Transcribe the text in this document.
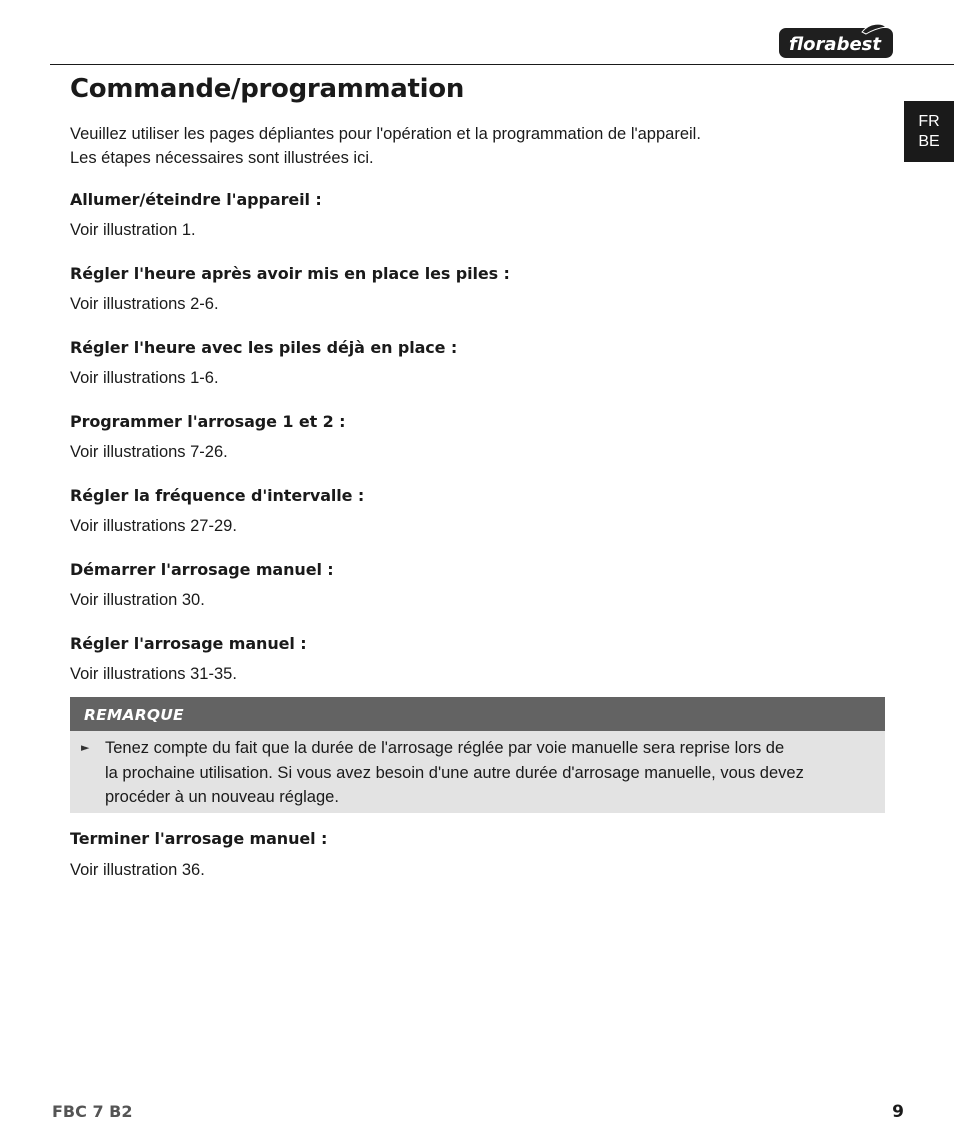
florabest
FR
BE
Commande/programmation
Veuillez utiliser les pages dépliantes pour l'opération et la programmation de l'appareil.
Les étapes nécessaires sont illustrées ici.
Allumer/éteindre l'appareil :
Voir illustration 1.
Régler l'heure après avoir mis en place les piles :
Voir illustrations 2-6.
Régler l'heure avec les piles déjà en place :
Voir illustrations 1-6.
Programmer l'arrosage 1 et 2 :
Voir illustrations 7-26.
Régler la fréquence d'intervalle :
Voir illustrations 27-29.
Démarrer l'arrosage manuel :
Voir illustration 30.
Régler l'arrosage manuel :
Voir illustrations 31-35.
REMARQUE
► Tenez compte du fait que la durée de l'arrosage réglée par voie manuelle sera reprise lors de
la prochaine utilisation. Si vous avez besoin d'une autre durée d'arrosage manuelle, vous devez
procéder à un nouveau réglage.
Terminer l'arrosage manuel :
Voir illustration 36.
FBC 7 B2	9
